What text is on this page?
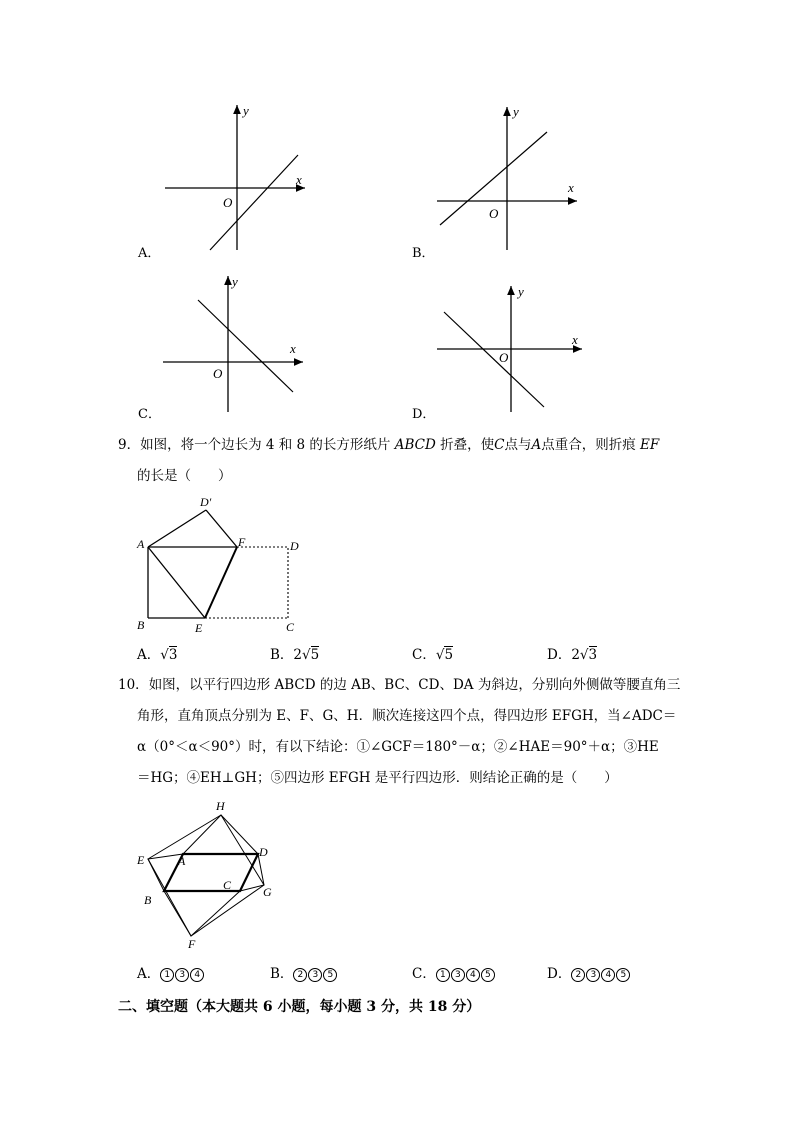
x
y
O
A．
x
y
O
B．
x
y
O
C．
x
y
O
D．
9．如图，将一个边长为 4 和 8 的长方形纸片 ABCD 折叠，使C点与A点重合，则折痕 EF
的长是（　　）
D′
A	F	D
B	E	C
A．√3	B．2√5	C．√5	D．2√3
10．如图，以平行四边形 ABCD 的边 AB、BC、CD、DA 为斜边，分别向外侧做等腰直角三
角形，直角顶点分别为 E、F、G、H．顺次连接这四个点，得四边形 EFGH，当∠ADC＝
α（0°＜α＜90°）时，有以下结论：①∠GCF＝180°－α；②∠HAE＝90°＋α；③HE
＝HG；④EH⊥GH；⑤四边形 EFGH 是平行四边形．则结论正确的是（　　）
H
E	A
D
C	G
B
F
A． 1 3 4	B． 2 3 5	C． 1 3 4 5	D． 2 3 4 5
二、填空题（本大题共 6 小题，每小题 3 分，共 18 分）
